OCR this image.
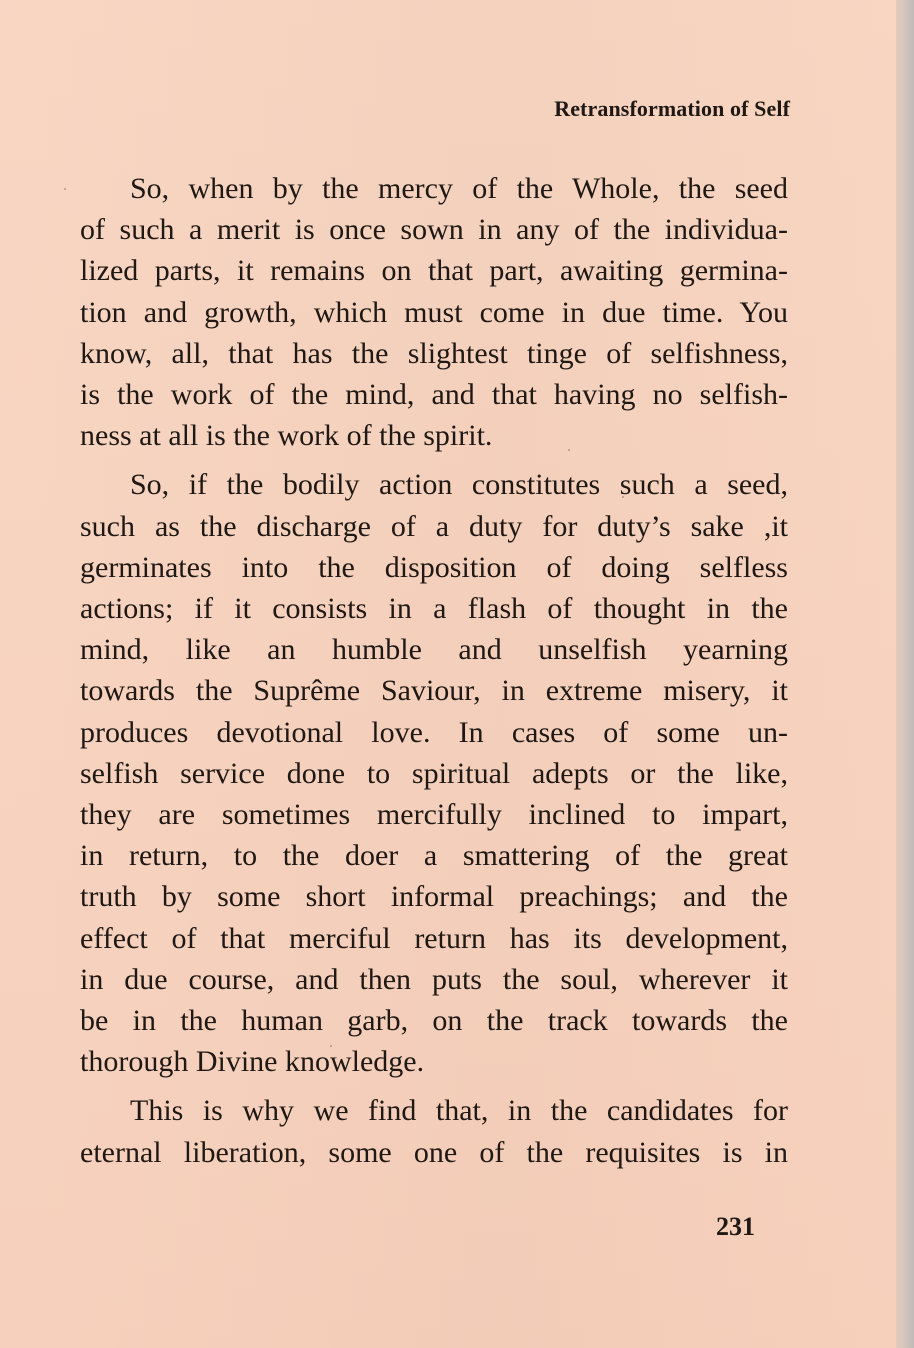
Retransformation of Self
So, when by the mercy of the Whole, the seed
of such a merit is once sown in any of the individua-
lized parts, it remains on that part, awaiting germina-
tion and growth, which must come in due time. You
know, all, that has the slightest tinge of selfishness,
is the work of the mind, and that having no selfish-
ness at all is the work of the spirit.
So, if the bodily action constitutes such a seed,
such as the discharge of a duty for duty’s sake ,it
germinates into the disposition of doing selfless
actions; if it consists in a flash of thought in the
mind, like an humble and unselfish yearning
towards the Suprême Saviour, in extreme misery, it
produces devotional love. In cases of some un-
selfish service done to spiritual adepts or the like,
they are sometimes mercifully inclined to impart,
in return, to the doer a smattering of the great
truth by some short informal preachings; and the
effect of that merciful return has its development,
in due course, and then puts the soul, wherever it
be in the human garb, on the track towards the
thorough Divine knowledge.
This is why we find that, in the candidates for
eternal liberation, some one of the requisites is in
231
